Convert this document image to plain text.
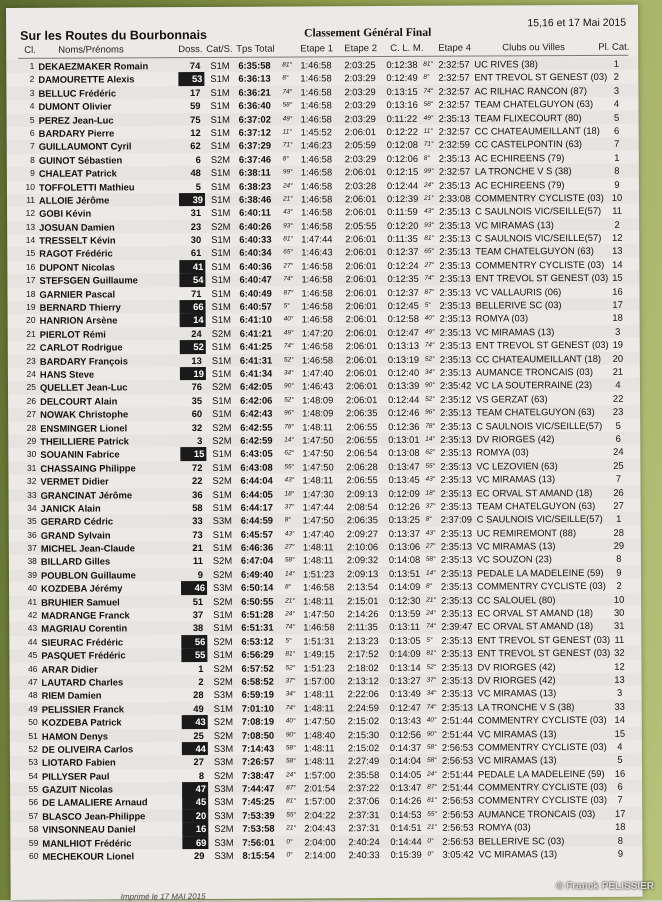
Sur les Routes du Bourbonnais	Classement Général Final
15,16 et 17 Mai 2015
Cl. Noms/Prénoms	Doss. Cat/S. Tps Total	Etape 1 Etape 2 C. L. M. Etape 4	Clubs ou Villes	Pl. Cat.
1 DEKAEZMAKER Romain	74 S1M 6:35:58 81° 1:46:58 2:03:25 0:12:38 81° 2:32:57 UC RIVES (38)	1
2 DAMOURETTE Alexis	53 S1M 6:36:13 8° 1:46:58 2:03:29 0:12:49 8° 2:32:57 ENT TREVOL ST GENEST (03) 2
3 BELLUC Frédéric	17 S1M 6:36:21 74° 1:46:58 2:03:29 0:13:15 74° 2:32:57 AC RILHAC RANCON (87)	3
4 DUMONT Olivier	59 S1M 6:36:40 58° 1:46:58 2:03:29 0:13:16 58° 2:32:57 TEAM CHATELGUYON (63)	4
5 PEREZ Jean-Luc	75 S1M 6:37:02 49° 1:46:58 2:03:29 0:11:22 49° 2:35:13 TEAM FLIXECOURT (80)	5
6 BARDARY Pierre	12 S1M 6:37:12 11° 1:45:52 2:06:01 0:12:22 11° 2:32:57 CC CHATEAUMEILLANT (18)	6
7 GUILLAUMONT Cyril	62 S1M 6:37:29 71° 1:46:23 2:05:59 0:12:08 71° 2:32:59 CC CASTELPONTIN (63)	7
8 GUINOT Sébastien	6 S2M 6:37:46 8° 1:46:58 2:03:29 0:12:06 8° 2:35:13 AC ECHIREENS (79)	1
9 CHALEAT Patrick	48 S1M 6:38:11 99° 1:46:58 2:06:01 0:12:15 99° 2:32:57 LA TRONCHE V S (38)	8
10 TOFFOLETTI Mathieu	5 S1M 6:38:23 24° 1:46:58 2:03:28 0:12:44 24° 2:35:13 AC ECHIREENS (79)	9
11 ALLOIE Jérôme	39 S1M 6:38:46 21° 1:46:58 2:06:01 0:12:39 21° 2:33:08 COMMENTRY CYCLISTE (03) 10
12 GOBI Kévin	31 S1M 6:40:11 43° 1:46:58 2:06:01 0:11:59 43° 2:35:13 C SAULNOIS VIC/SEILLE(57)	11
13 JOSUAN Damien	23 S2M 6:40:26 93° 1:46:58 2:05:55 0:12:20 93° 2:35:13 VC MIRAMAS (13)	2
14 TRESSELT Kévin	30 S1M 6:40:33 81° 1:47:44 2:06:01 0:11:35 81° 2:35:13 C SAULNOIS VIC/SEILLE(57)	12
15 RAGOT Frédéric	61 S1M 6:40:34 65° 1:46:43 2:06:01 0:12:37 65° 2:35:13 TEAM CHATELGUYON (63)	13
16 DUPONT Nicolas	41 S1M 6:40:36 27° 1:46:58 2:06:01 0:12:24 27° 2:35:13 COMMENTRY CYCLISTE (03) 14
17 STEFSGEN Guillaume	54 S1M 6:40:47 74° 1:46:58 2:06:01 0:12:35 74° 2:35:13 ENT TREVOL ST GENEST (03) 15
18 GARNIER Pascal	71 S1M 6:40:49 87° 1:46:58 2:06:01 0:12:37 87° 2:35:13 VC VALLAURIS (06)	16
19 BERNARD Thierry	66 S1M 6:40:57 5° 1:46:58 2:06:01 0:12:45 5° 2:35:13 BELLERIVE SC (03)	17
20 HANRION Arsène	14 S1M 6:41:10 40° 1:46:58 2:06:01 0:12:58 40° 2:35:13 ROMYA (03)	18
21 PIERLOT Rémi	24 S2M 6:41:21 49° 1:47:20 2:06:01 0:12:47 49° 2:35:13 VC MIRAMAS (13)	3
22 CARLOT Rodrigue	52 S1M 6:41:25 74° 1:46:58 2:06:01 0:13:13 74° 2:35:13 ENT TREVOL ST GENEST (03) 19
23 BARDARY François	13 S1M 6:41:31 52° 1:46:58 2:06:01 0:13:19 52° 2:35:13 CC CHATEAUMEILLANT (18)	20
24 HANS Steve	19 S1M 6:41:34 34° 1:47:40 2:06:01 0:12:40 34° 2:35:13 AUMANCE TRONCAIS (03)	21
25 QUELLET Jean-Luc	76 S2M 6:42:05 90° 1:46:43 2:06:01 0:13:39 90° 2:35:42 VC LA SOUTERRAINE (23)	4
26 DELCOURT Alain	35 S1M 6:42:06 52° 1:48:09 2:06:01 0:12:44 52° 2:35:12 VS GERZAT (63)	22
27 NOWAK Christophe	60 S1M 6:42:43 96° 1:48:09 2:06:35 0:12:46 96° 2:35:13 TEAM CHATELGUYON (63)	23
28 ENSMINGER Lionel	32 S2M 6:42:55 78° 1:48:11 2:06:55 0:12:36 78° 2:35:13 C SAULNOIS VIC/SEILLE(57)	5
29 THEILLIERE Patrick	3 S2M 6:42:59 14° 1:47:50 2:06:55 0:13:01 14° 2:35:13 DV RIORGES (42)	6
30 SOUANIN Fabrice	15 S1M 6:43:05 62° 1:47:50 2:06:54 0:13:08 62° 2:35:13 ROMYA (03)	24
31 CHASSAING Philippe	72 S1M 6:43:08 55° 1:47:50 2:06:28 0:13:47 55° 2:35:13 VC LEZOVIEN (63)	25
32 VERMET Didier	22 S2M 6:44:04 43° 1:48:11 2:06:55 0:13:45 43° 2:35:13 VC MIRAMAS (13)	7
33 GRANCINAT Jérôme	36 S1M 6:44:05 18° 1:47:30 2:09:13 0:12:09 18° 2:35:13 EC ORVAL ST AMAND (18)	26
34 JANICK Alain	58 S1M 6:44:17 37° 1:47:44 2:08:54 0:12:26 37° 2:35:13 TEAM CHATELGUYON (63)	27
35 GERARD Cédric	33 S3M 6:44:59 8° 1:47:50 2:06:35 0:13:25 8° 2:37:09 C SAULNOIS VIC/SEILLE(57)	1
36 GRAND Sylvain	73 S1M 6:45:57 43° 1:47:40 2:09:27 0:13:37 43° 2:35:13 UC REMIREMONT (88)	28
37 MICHEL Jean-Claude	21 S1M 6:46:36 27° 1:48:11 2:10:06 0:13:06 27° 2:35:13 VC MIRAMAS (13)	29
38 BILLARD Gilles	11 S2M 6:47:04 58° 1:48:11 2:09:32 0:14:08 58° 2:35:13 VC SOUZON (23)	8
39 POUBLON Guillaume	9 S2M 6:49:40 14° 1:51:23 2:09:13 0:13:51 14° 2:35:13 PEDALE LA MADELEINE (59)	9
40 KOZDEBA Jérémy	46 S3M 6:50:14 8° 1:46:58 2:13:54 0:14:09 8° 2:35:13 COMMENTRY CYCLISTE (03)	2
41 BRUHIER Samuel	51 S2M 6:50:55 21° 1:48:11 2:15:01 0:12:30 21° 2:35:13 CC SALOUEL (80)	10
42 MADRANGE Franck	37 S1M 6:51:28 24° 1:47:50 2:14:26 0:13:59 24° 2:35:13 EC ORVAL ST AMAND (18)	30
43 MAGRIAU Corentin	38 S1M 6:51:31 74° 1:46:58 2:11:35 0:13:11 74° 2:39:47 EC ORVAL ST AMAND (18)	31
44 SIEURAC Frédéric	56 S2M 6:53:12 5° 1:51:31 2:13:23 0:13:05 5° 2:35:13 ENT TREVOL ST GENEST (03) 11
45 PASQUET Frédéric	55 S1M 6:56:29 81° 1:49:15 2:17:52 0:14:09 81° 2:35:13 ENT TREVOL ST GENEST (03) 32
46 ARAR Didier	1 S2M 6:57:52 52° 1:51:23 2:18:02 0:13:14 52° 2:35:13 DV RIORGES (42)	12
47 LAUTARD Charles	2 S2M 6:58:52 37° 1:57:00 2:13:12 0:13:27 37° 2:35:13 DV RIORGES (42)	13
48 RIEM Damien	28 S3M 6:59:19 34° 1:48:11 2:22:06 0:13:49 34° 2:35:13 VC MIRAMAS (13)	3
49 PELISSIER Franck	49 S1M 7:01:10 74° 1:48:11 2:24:59 0:12:47 74° 2:35:13 LA TRONCHE V S (38)	33
50 KOZDEBA Patrick	43 S2M 7:08:19 40° 1:47:50 2:15:02 0:13:43 40° 2:51:44 COMMENTRY CYCLISTE (03) 14
51 HAMON Denys	25 S2M 7:08:50 90° 1:48:40 2:15:30 0:12:56 90° 2:51:44 VC MIRAMAS (13)	15
52 DE OLIVEIRA Carlos	44 S3M 7:14:43 58° 1:48:11 2:15:02 0:14:37 58° 2:56:53 COMMENTRY CYCLISTE (03)	4
53 LIOTARD Fabien	27 S3M 7:26:57 58° 1:48:11 2:27:49 0:14:04 58° 2:56:53 VC MIRAMAS (13)	5
54 PILLYSER Paul	8 S2M 7:38:47 24° 1:57:00 2:35:58 0:14:05 24° 2:51:44 PEDALE LA MADELEINE (59)	16
55 GAZUIT Nicolas	47 S3M 7:44:47 87° 2:01:54 2:37:22 0:13:47 87° 2:51:44 COMMENTRY CYCLISTE (03)	6
56 DE LAMALIERE Arnaud	45 S3M 7:45:25 81° 1:57:00 2:37:06 0:14:26 81° 2:56:53 COMMENTRY CYCLISTE (03)	7
57 BLASCO Jean-Philippe	20 S3M 7:53:39 55° 2:04:22 2:37:31 0:14:53 55° 2:56:53 AUMANCE TRONCAIS (03)	17
58 VINSONNEAU Daniel	16 S2M 7:53:58 21° 2:04:43 2:37:31 0:14:51 21° 2:56:53 ROMYA (03)	18
59 MANLHIOT Frédéric	69 S3M 7:56:01 0° 2:04:00 2:40:24 0:14:44 0° 2:56:53 BELLERIVE SC (03)	8
60 MECHEKOUR Lionel	29 S3M 8:15:54 0° 2:14:00 2:40:33 0:15:39 0° 3:05:42 VC MIRAMAS (13)	9
Imprimé le 17 MAI 2015
© Franck PELISSIER
